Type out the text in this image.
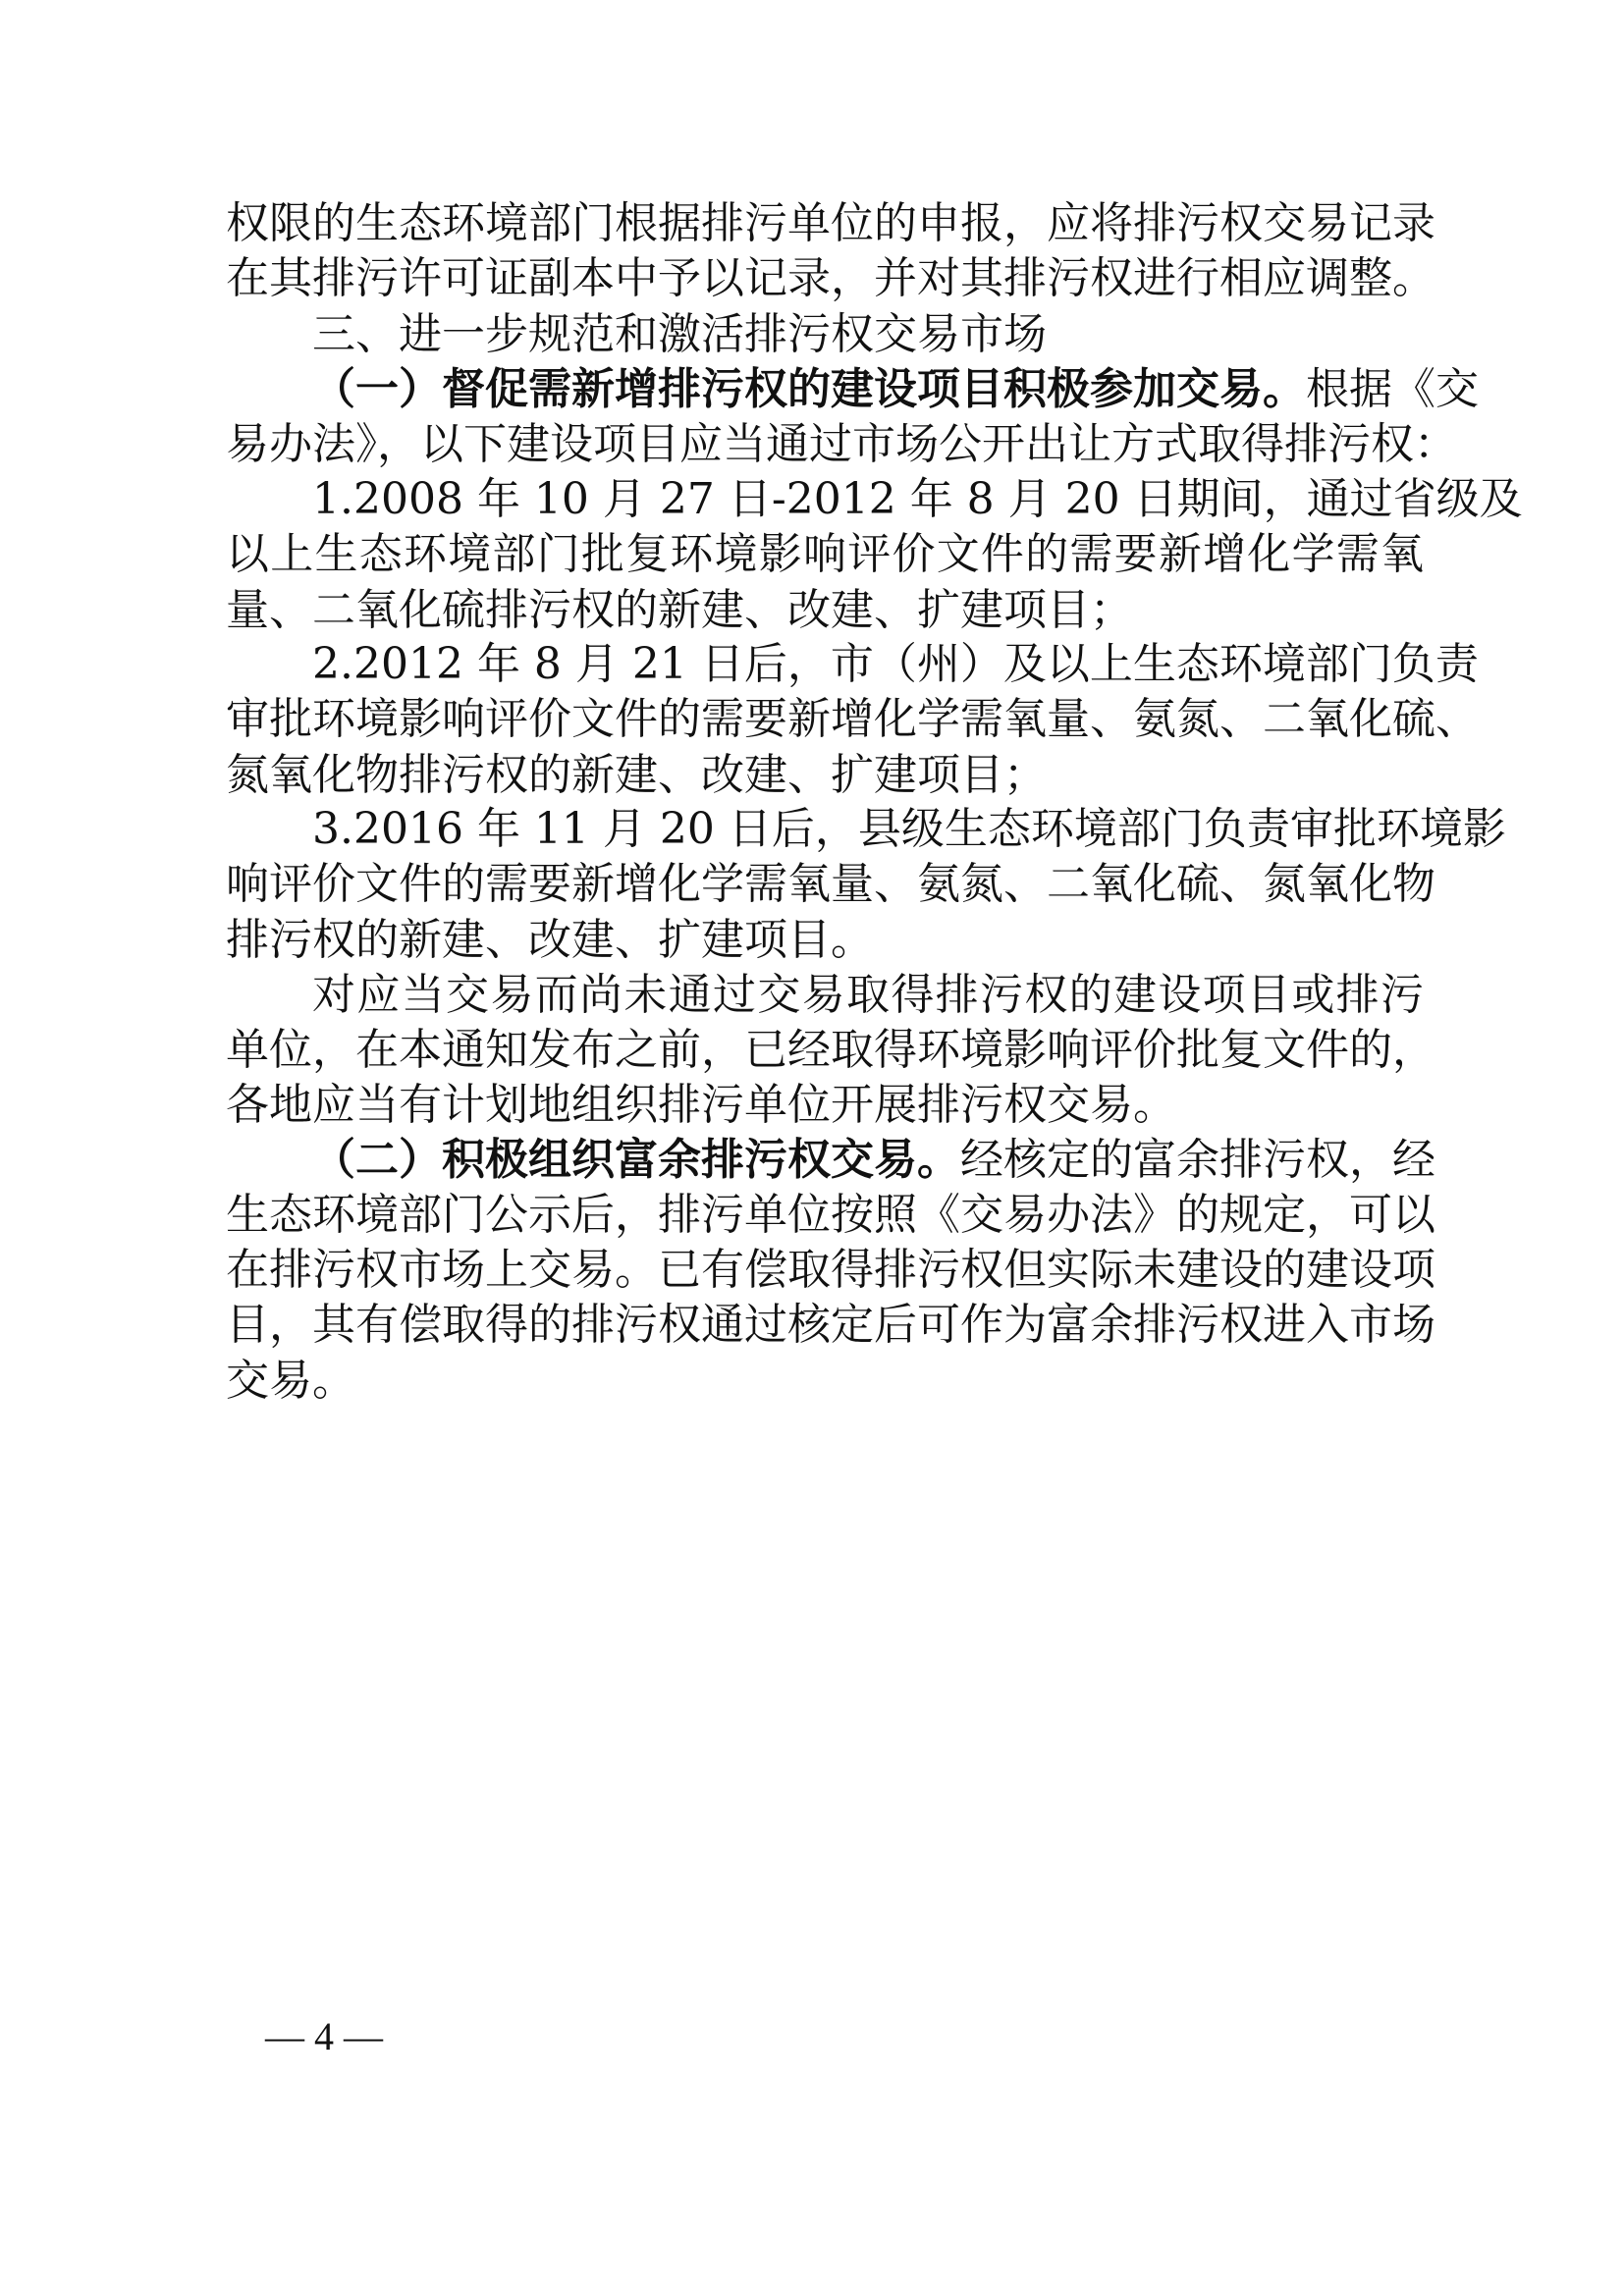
权限的生态环境部门根据排污单位的申报，应将排污权交易记录
在其排污许可证副本中予以记录，并对其排污权进行相应调整。
三、进一步规范和激活排污权交易市场
（一）督促需新增排污权的建设项目积极参加交易。根据《交
易办法》，以下建设项目应当通过市场公开出让方式取得排污权：
1.2008 年 10 月 27 日-2012 年 8 月 20 日期间，通过省级及
以上生态环境部门批复环境影响评价文件的需要新增化学需氧
量、二氧化硫排污权的新建、改建、扩建项目；
2.2012 年 8 月 21 日后，市（州）及以上生态环境部门负责
审批环境影响评价文件的需要新增化学需氧量、氨氮、二氧化硫、
氮氧化物排污权的新建、改建、扩建项目；
3.2016 年 11 月 20 日后，县级生态环境部门负责审批环境影
响评价文件的需要新增化学需氧量、氨氮、二氧化硫、氮氧化物
排污权的新建、改建、扩建项目。
对应当交易而尚未通过交易取得排污权的建设项目或排污
单位，在本通知发布之前，已经取得环境影响评价批复文件的，
各地应当有计划地组织排污单位开展排污权交易。
（二）积极组织富余排污权交易。经核定的富余排污权，经
生态环境部门公示后，排污单位按照《交易办法》的规定，可以
在排污权市场上交易。已有偿取得排污权但实际未建设的建设项
目，其有偿取得的排污权通过核定后可作为富余排污权进入市场
交易。
— 4 —
